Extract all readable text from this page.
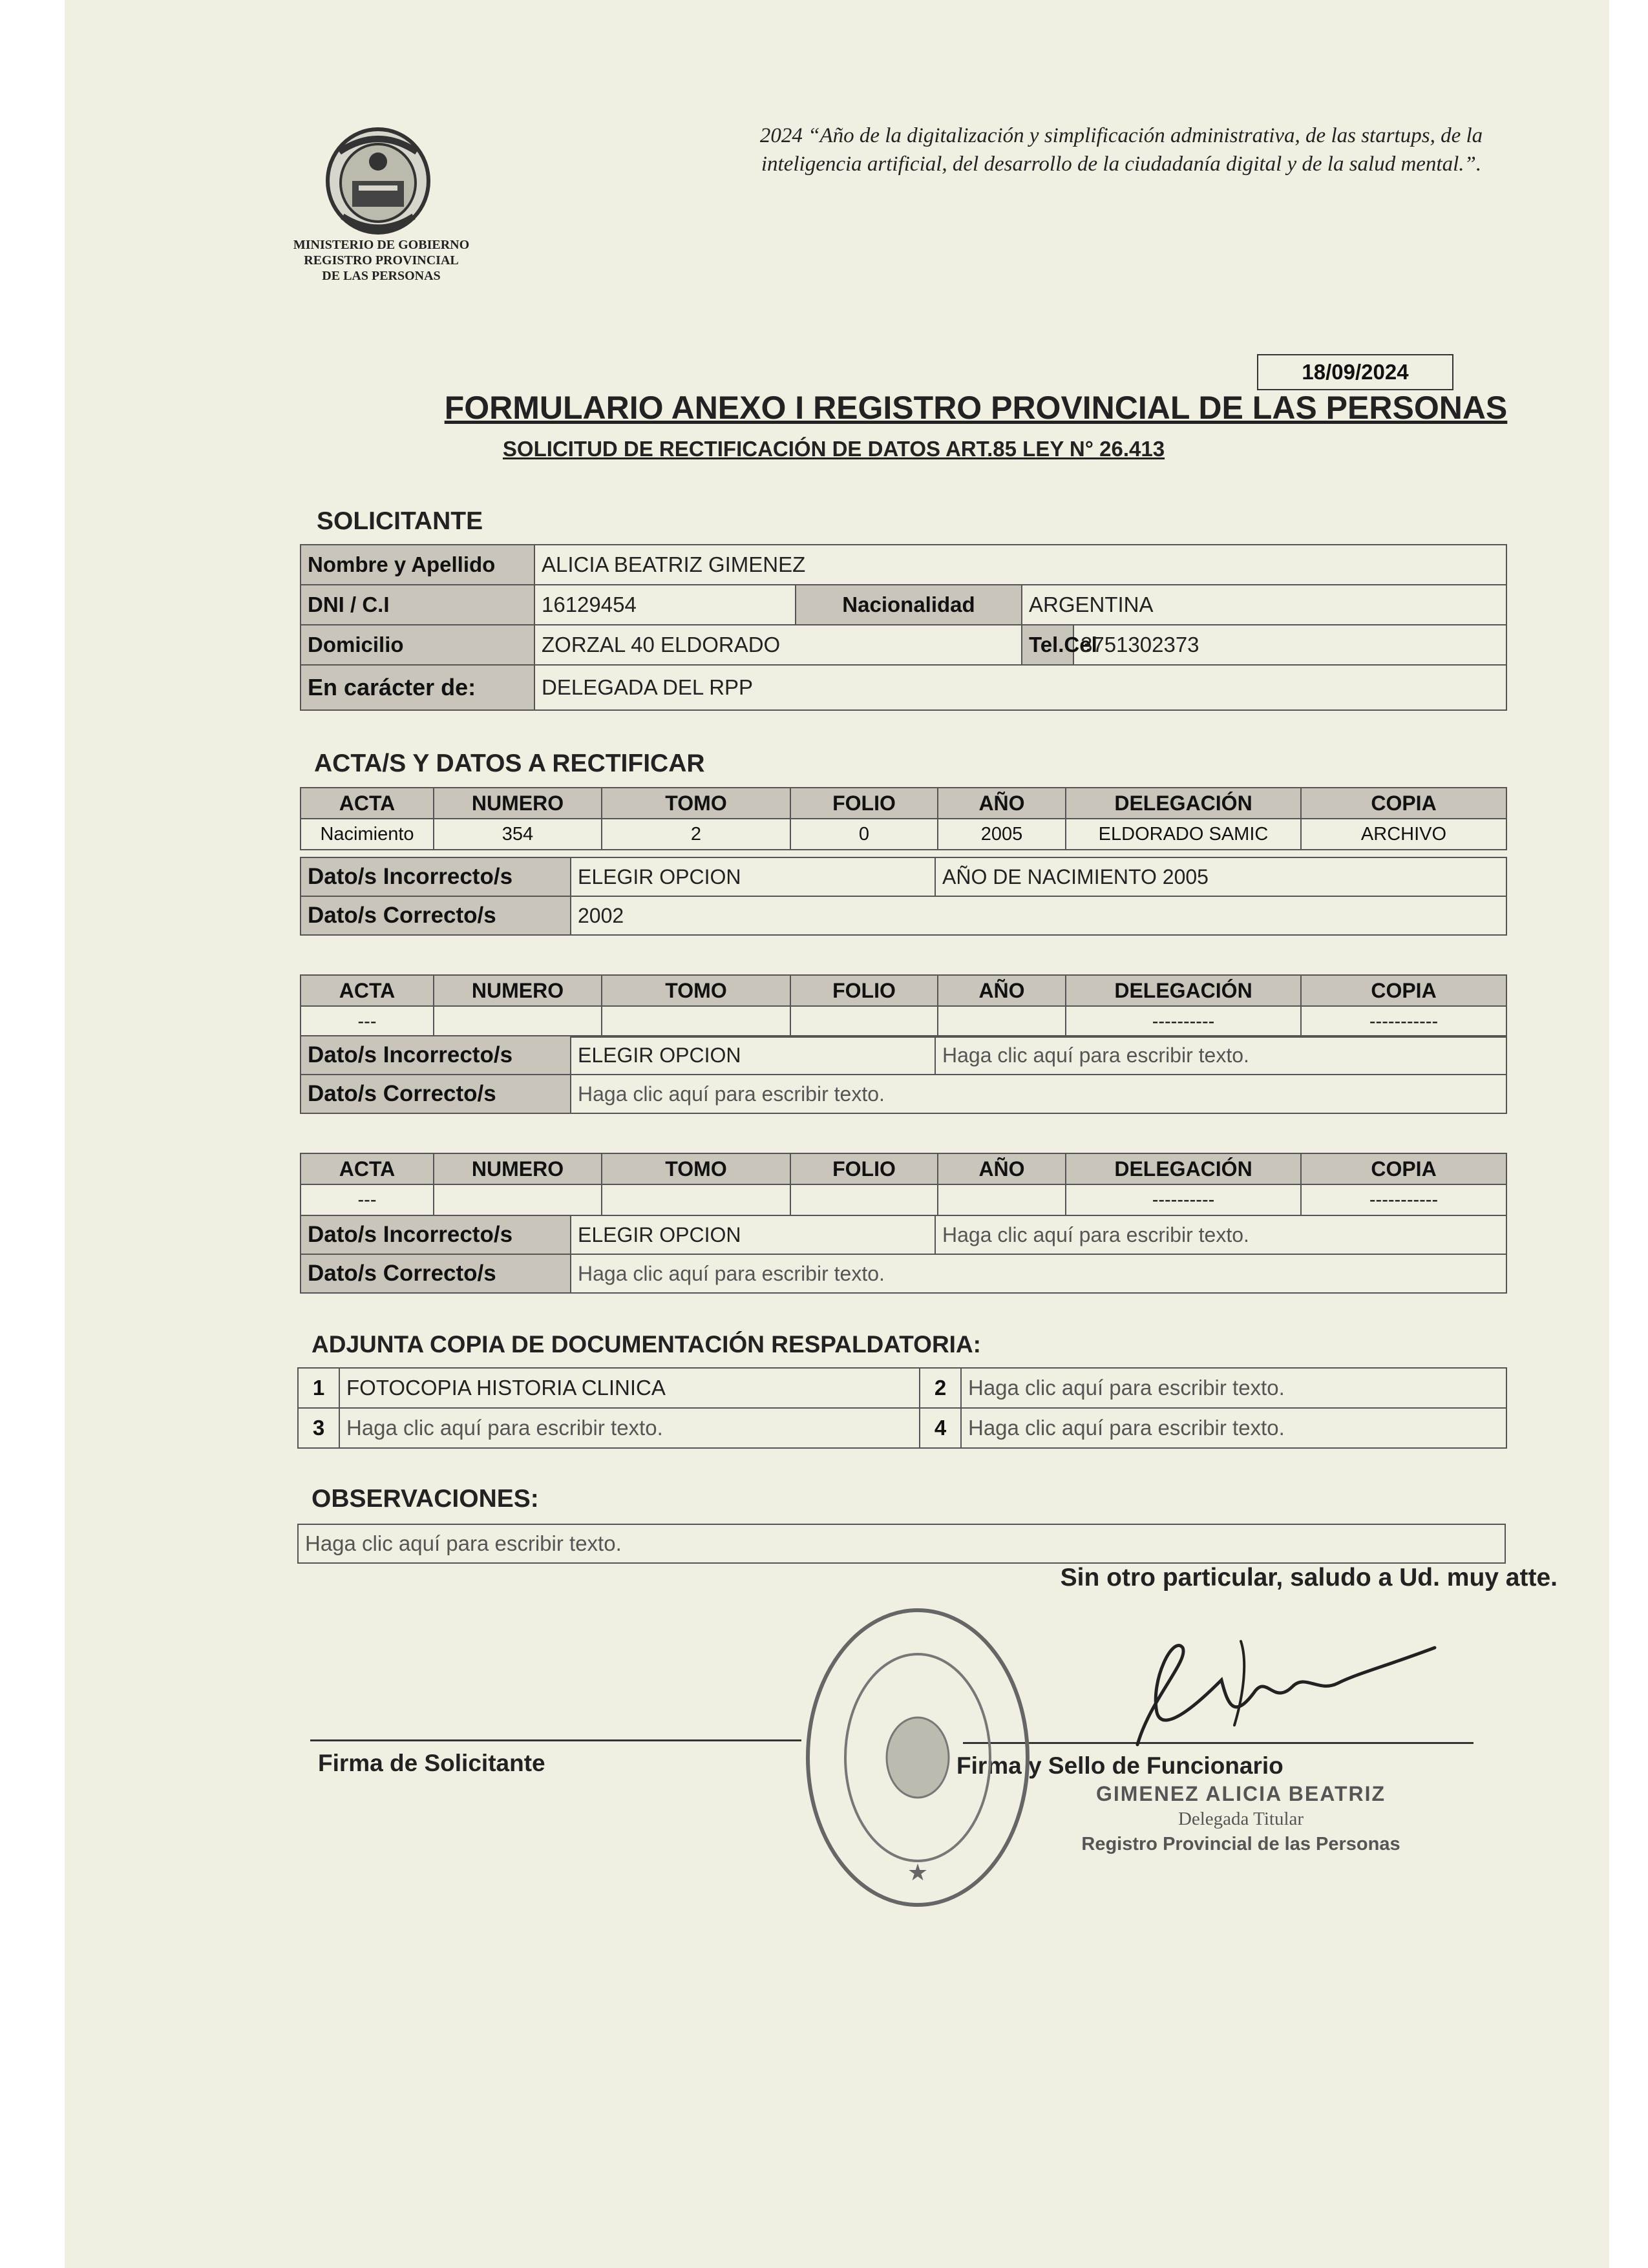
MINISTERIO DE GOBIERNO
REGISTRO PROVINCIAL
DE LAS PERSONAS
2024 “Año de la digitalización y simplificación administrativa, de las startups, de la inteligencia artificial, del desarrollo de la ciudadanía digital y de la salud mental.”.
18/09/2024
FORMULARIO ANEXO I REGISTRO PROVINCIAL DE LAS PERSONAS
SOLICITUD DE RECTIFICACIÓN DE DATOS ART.85 LEY N° 26.413
SOLICITANTE
Nombre y Apellido	ALICIA BEATRIZ GIMENEZ			
DNI / C.I	16129454	Nacionalidad	ARGENTINA	
Domicilio	ZORZAL 40 ELDORADO		Tel.Cel	3751302373
En carácter de:	DELEGADA DEL RPP			
ACTA/S Y DATOS A RECTIFICAR
ACTA	NUMERO	TOMO	FOLIO	AÑO	DELEGACIÓN	COPIA
Nacimiento	354	2	0	2005	ELDORADO SAMIC	ARCHIVO
Dato/s Incorrecto/s	ELEGIR OPCION	AÑO DE NACIMIENTO 2005
Dato/s Correcto/s	2002	
ACTA	NUMERO	TOMO	FOLIO	AÑO	DELEGACIÓN	COPIA
---					----------	-----------
Dato/s Incorrecto/s	ELEGIR OPCION	Haga clic aquí para escribir texto.
Dato/s Correcto/s	Haga clic aquí para escribir texto.	
ACTA	NUMERO	TOMO	FOLIO	AÑO	DELEGACIÓN	COPIA
---					----------	-----------
Dato/s Incorrecto/s	ELEGIR OPCION	Haga clic aquí para escribir texto.
Dato/s Correcto/s	Haga clic aquí para escribir texto.	
ADJUNTA COPIA DE DOCUMENTACIÓN RESPALDATORIA:
1	FOTOCOPIA HISTORIA CLINICA	2	Haga clic aquí para escribir texto.
3	Haga clic aquí para escribir texto.	4	Haga clic aquí para escribir texto.
OBSERVACIONES:
Haga clic aquí para escribir texto.
Sin otro particular, saludo a Ud. muy atte.
Firma de Solicitante	Firma y Sello de Funcionario
★
GIMENEZ ALICIA BEATRIZ
Delegada Titular
Registro Provincial de las Personas
